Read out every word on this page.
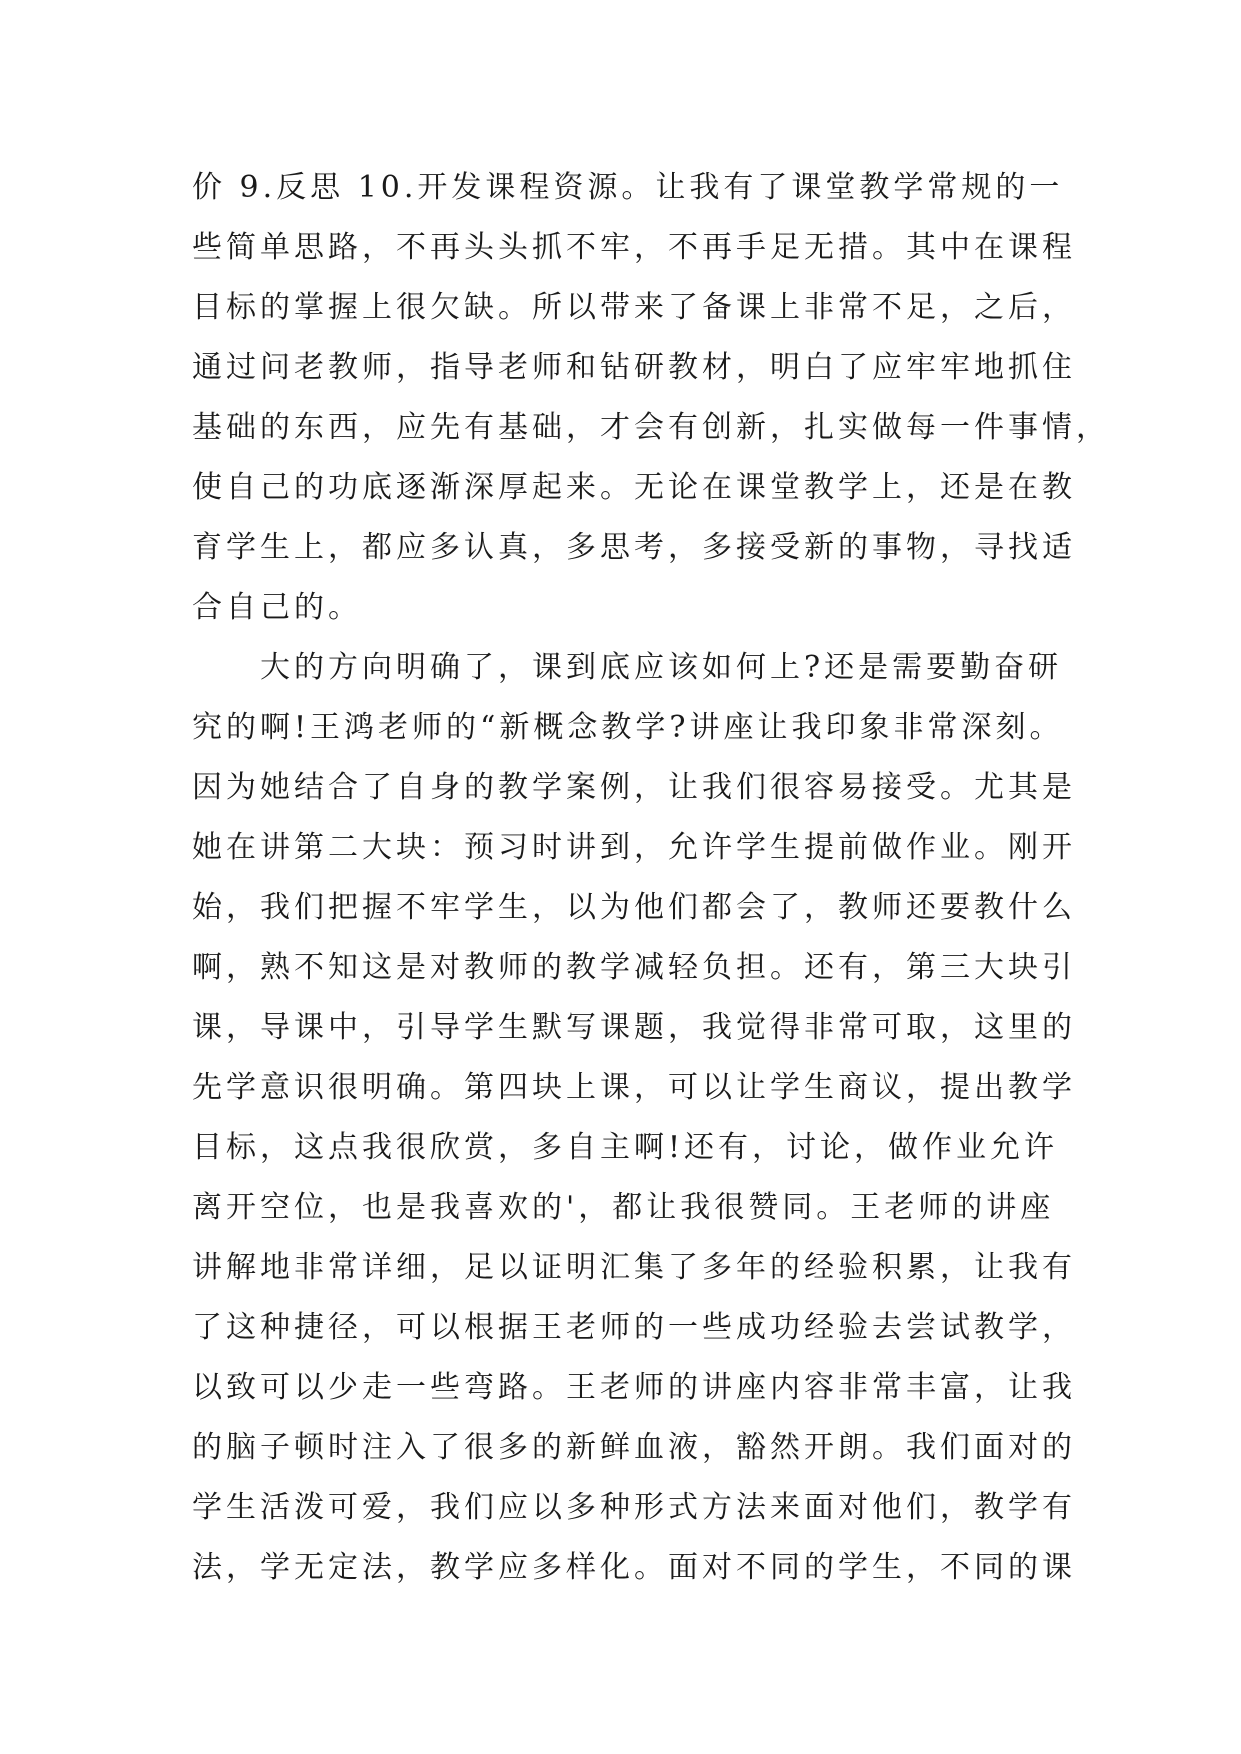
价 9.反思 10.开发课程资源。让我有了课堂教学常规的一
些简单思路，不再头头抓不牢，不再手足无措。其中在课程
目标的掌握上很欠缺。所以带来了备课上非常不足，之后，
通过问老教师，指导老师和钻研教材，明白了应牢牢地抓住
基础的东西，应先有基础，才会有创新，扎实做每一件事情，
使自己的功底逐渐深厚起来。无论在课堂教学上，还是在教
育学生上，都应多认真，多思考，多接受新的事物，寻找适
合自己的。
　　大的方向明确了，课到底应该如何上?还是需要勤奋研
究的啊!王鸿老师的“新概念教学?讲座让我印象非常深刻。
因为她结合了自身的教学案例，让我们很容易接受。尤其是
她在讲第二大块：预习时讲到，允许学生提前做作业。刚开
始，我们把握不牢学生，以为他们都会了，教师还要教什么
啊，熟不知这是对教师的教学减轻负担。还有，第三大块引
课，导课中，引导学生默写课题，我觉得非常可取，这里的
先学意识很明确。第四块上课，可以让学生商议，提出教学
目标，这点我很欣赏，多自主啊!还有，讨论，做作业允许
离开空位，也是我喜欢的'，都让我很赞同。王老师的讲座
讲解地非常详细，足以证明汇集了多年的经验积累，让我有
了这种捷径，可以根据王老师的一些成功经验去尝试教学，
以致可以少走一些弯路。王老师的讲座内容非常丰富，让我
的脑子顿时注入了很多的新鲜血液，豁然开朗。我们面对的
学生活泼可爱，我们应以多种形式方法来面对他们，教学有
法，学无定法，教学应多样化。面对不同的学生，不同的课
